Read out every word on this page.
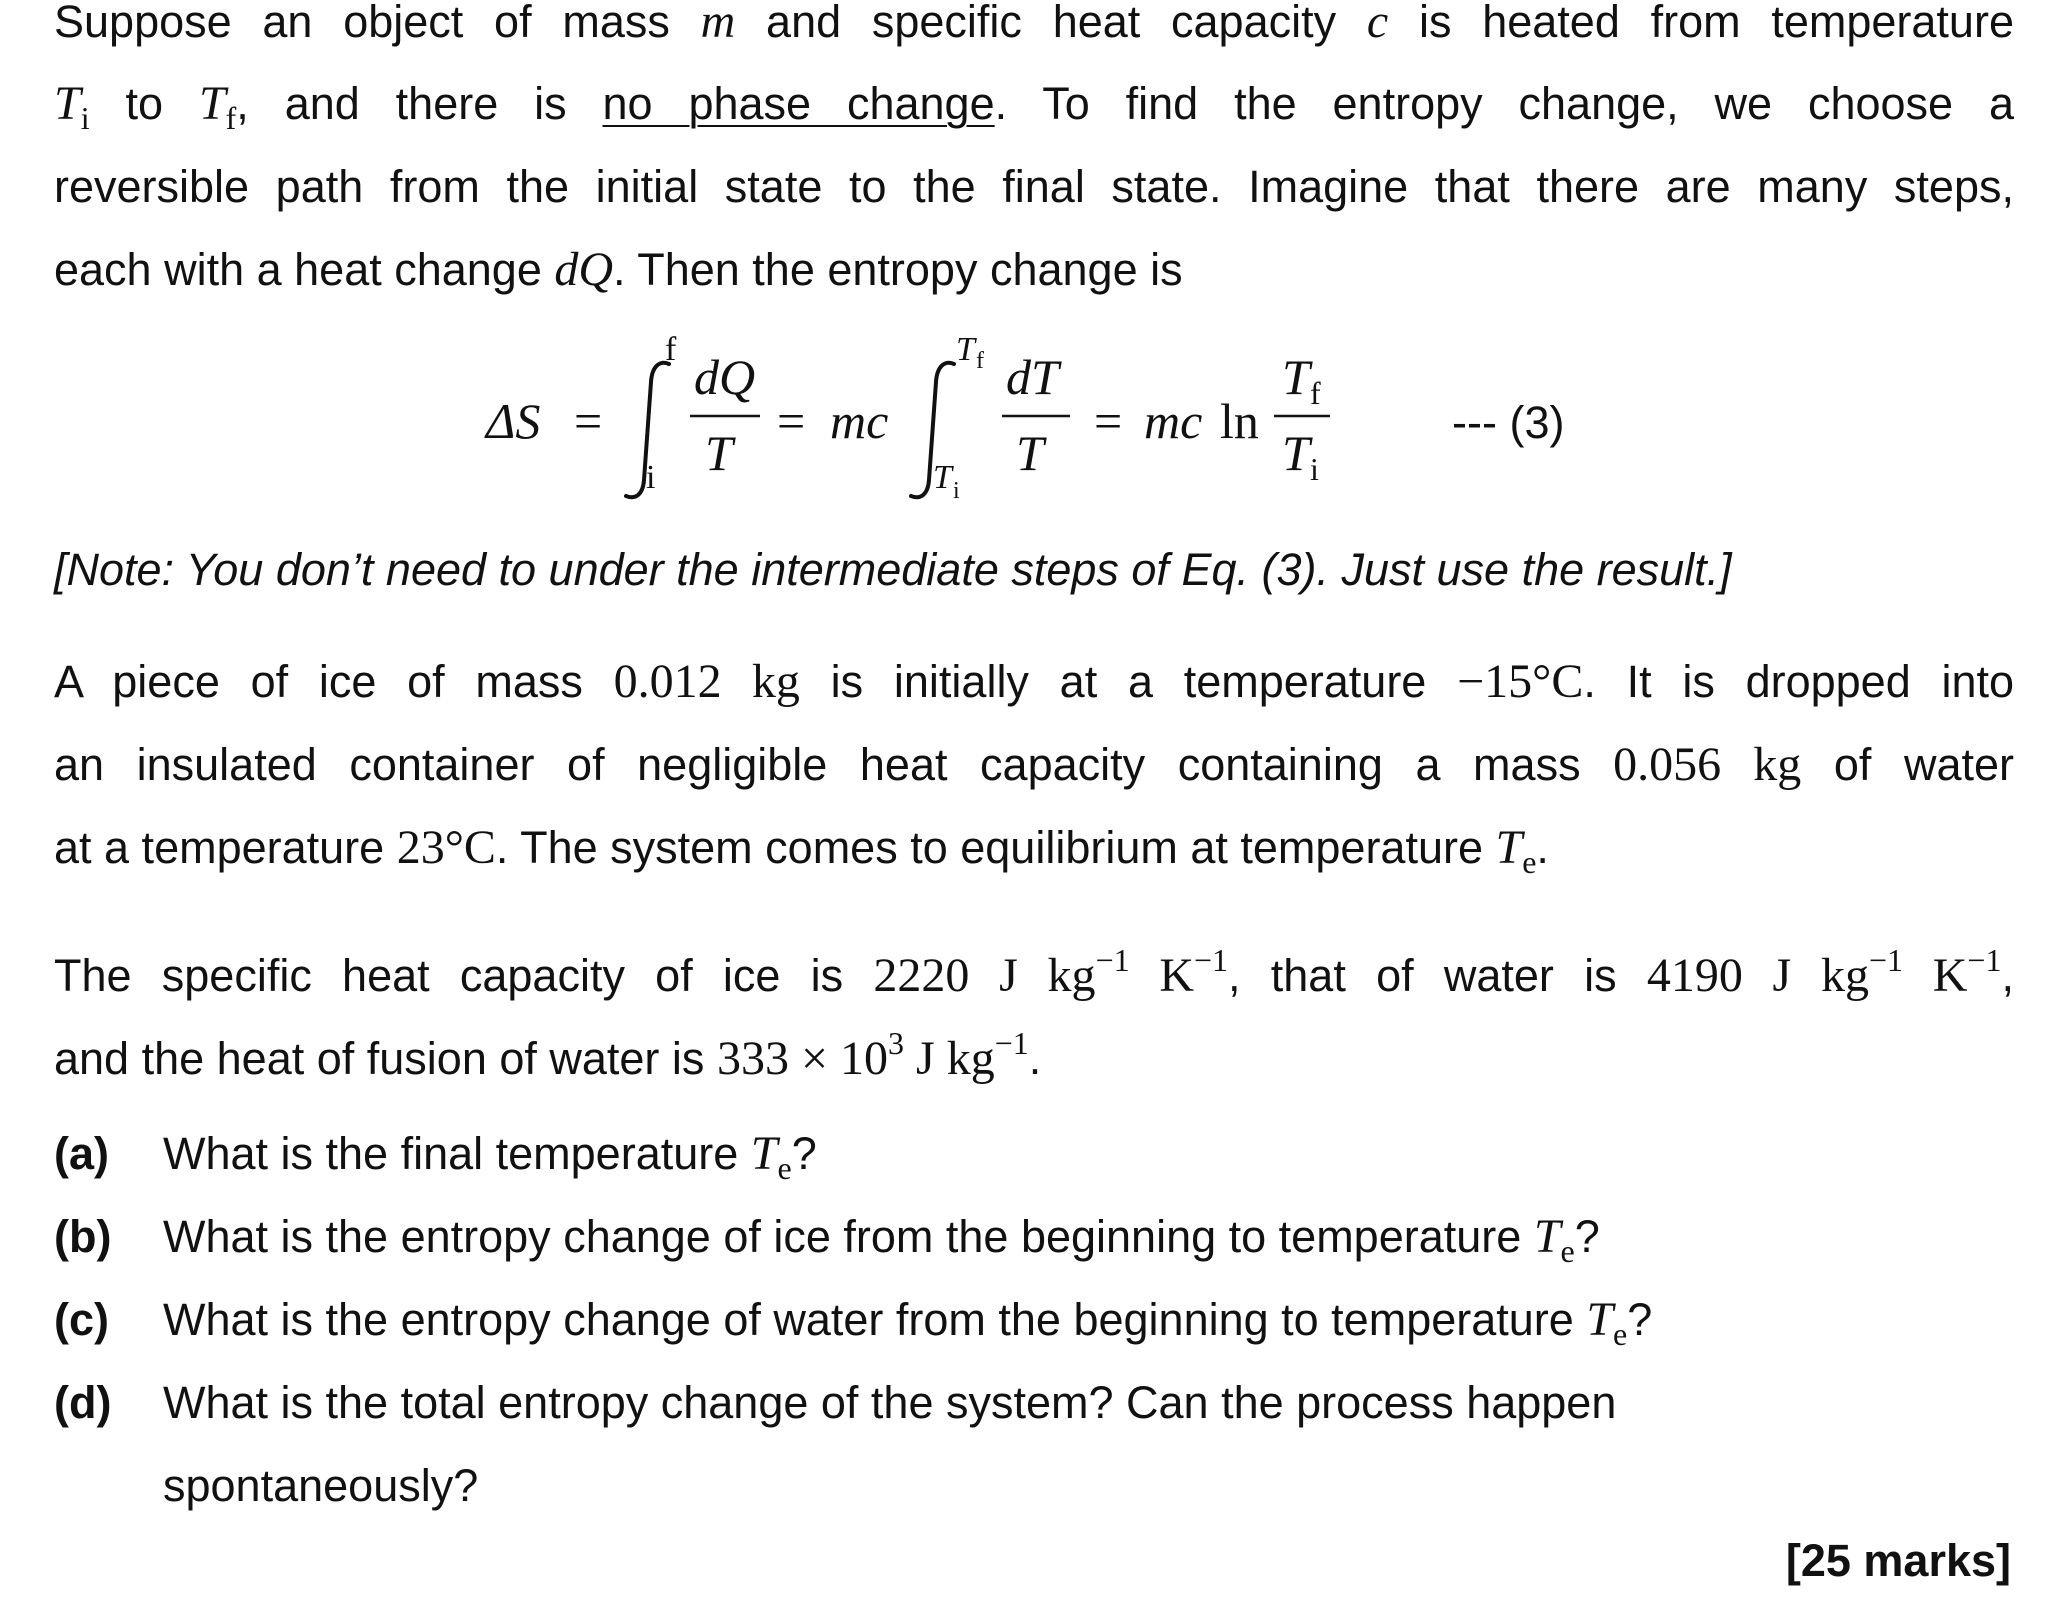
Suppose an object of mass m and specific heat capacity c is heated from temperature
$T_i$ to $T_f$, and there is no phase change. To find the entropy change, we choose a
reversible path from the initial state to the final state. Imagine that there are many steps,
each with a heat change dQ. Then the entropy change is
ΔS =
f
i
dQ
T
= mc
T f
T i
dT
T
= mc ln
T f
T i
--- (3)
[Note: You don’t need to under the intermediate steps of Eq. (3). Just use the result.]
A piece of ice of mass 0.012 kg is initially at a temperature −15°C. It is dropped into
an insulated container of negligible heat capacity containing a mass 0.056 kg of water
at a temperature 23°C. The system comes to equilibrium at temperature $T_e$.
The specific heat capacity of ice is 2220 J $kg^{-1}$ $K^{-1}$, that of water is 4190 J $kg^{-1}$ $K^{-1}$,
and the heat of fusion of water is $333 \times 10^3$ J $kg^{-1}$.
(a) What is the final temperature $T_e$?
(b) What is the entropy change of ice from the beginning to temperature $T_e$?
(c) What is the entropy change of water from the beginning to temperature $T_e$?
(d) What is the total entropy change of the system? Can the process happen
spontaneously?
[25 marks]
